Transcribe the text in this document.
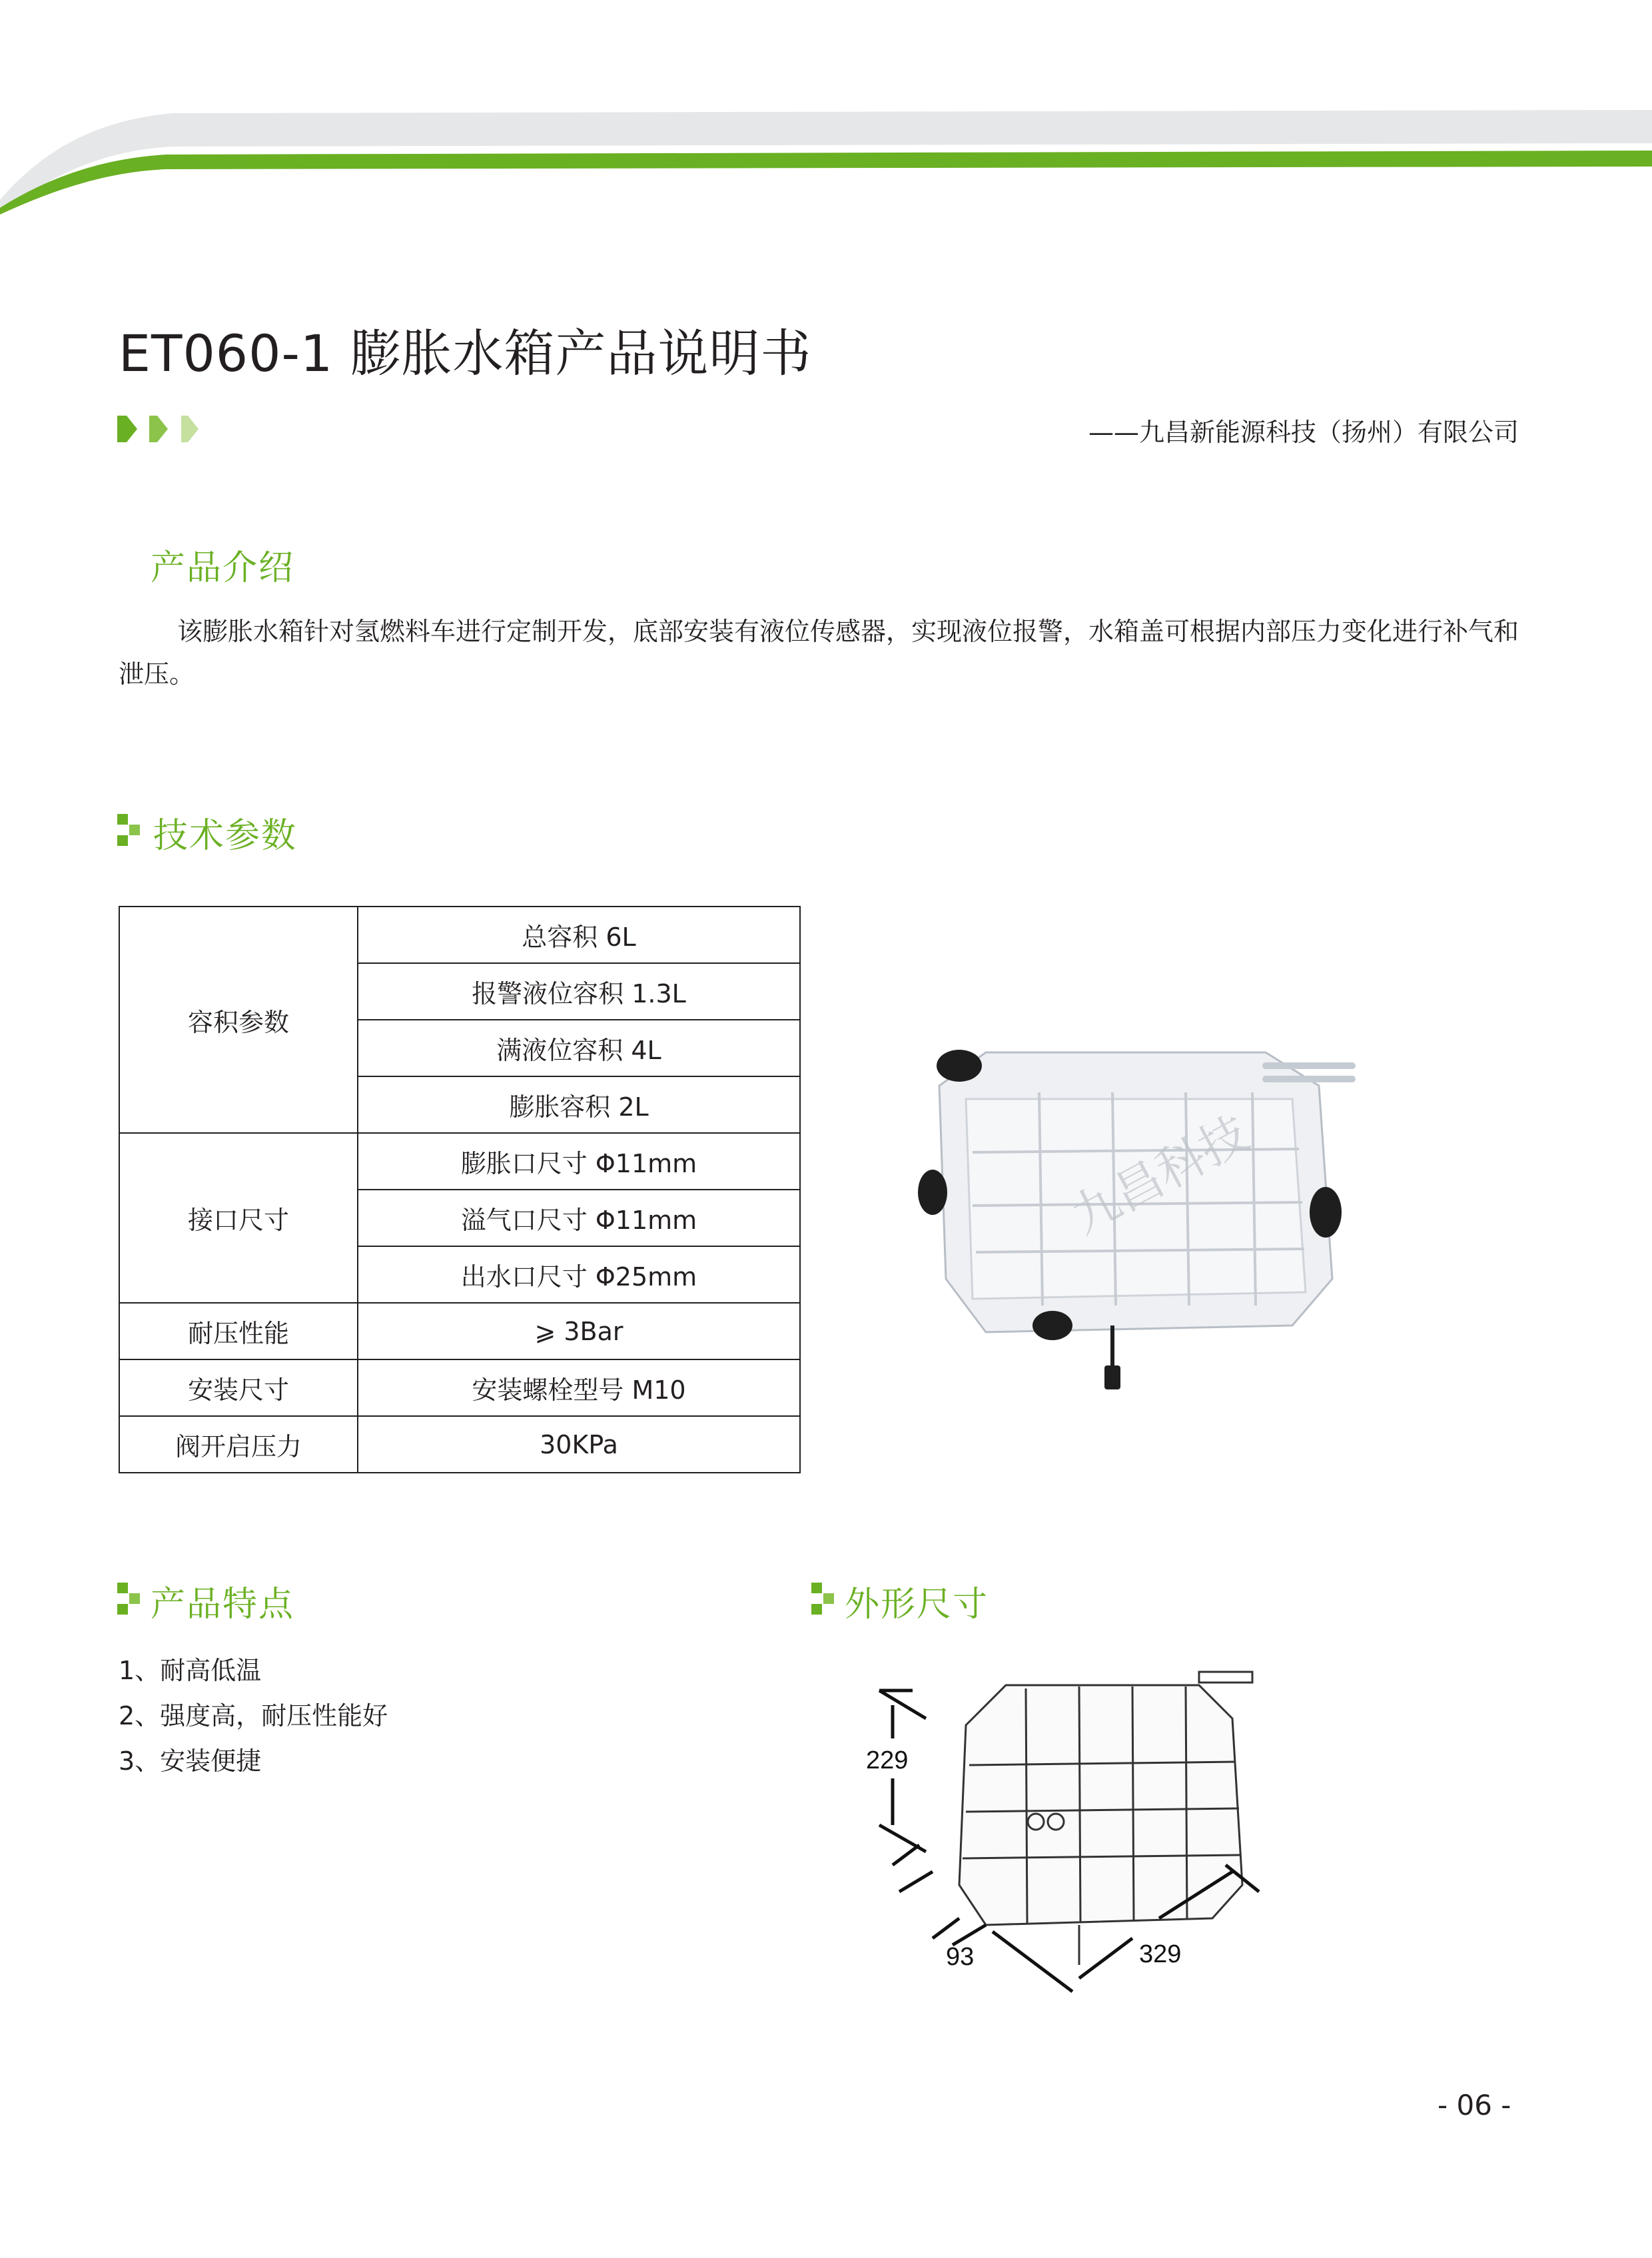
ET060-1 膨胀水箱产品说明书
——九昌新能源科技（扬州）有限公司
产品介绍
该膨胀水箱针对氢燃料车进行定制开发，底部安装有液位传感器，实现液位报警，水箱盖可根据内部压力变化进行补气和泄压。
技术参数
容积参数	总容积 6L
	报警液位容积 1.3L
	满液位容积 4L
	膨胀容积 2L
接口尺寸	膨胀口尺寸 Φ11mm
	溢气口尺寸 Φ11mm
	出水口尺寸 Φ25mm
耐压性能	⩾ 3Bar
安装尺寸	安装螺栓型号 M10
阀开启压力	30KPa
九昌科技
产品特点
1、耐高低温
2、强度高，耐压性能好
3、安装便捷
外形尺寸
229
93	329
- 06 -
